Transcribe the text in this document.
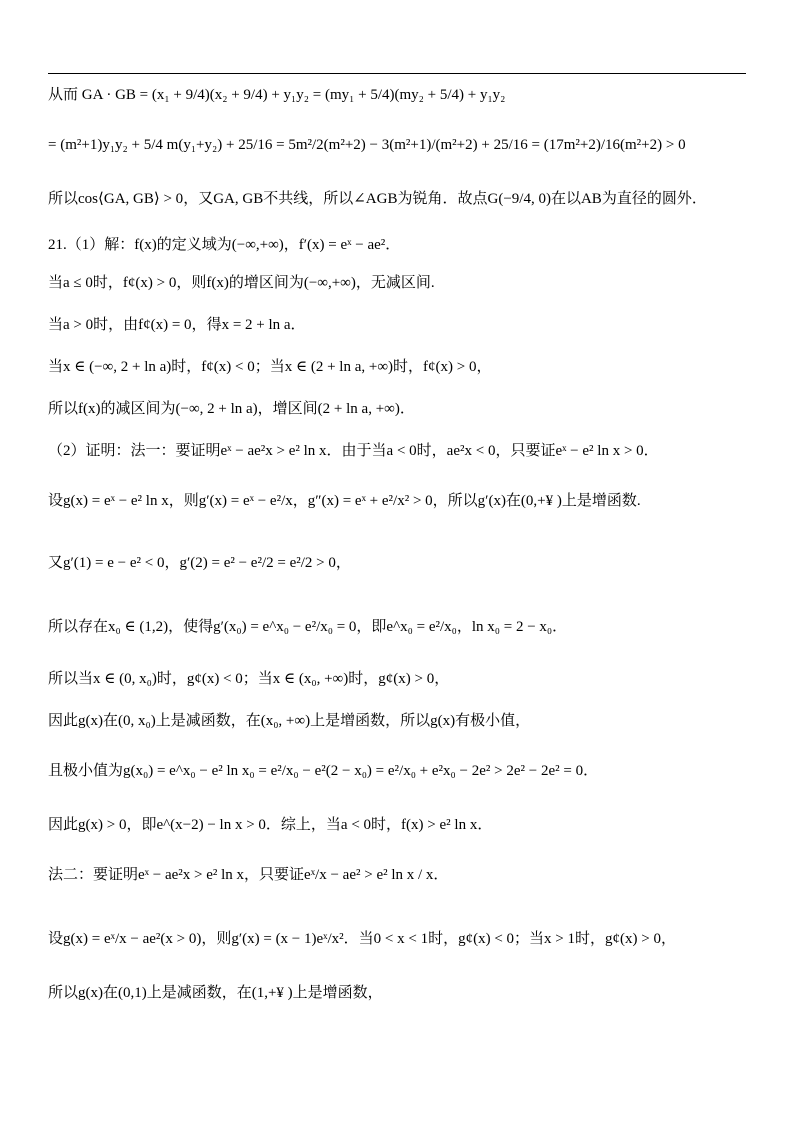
从而 GA · GB = (x₁ + 9/4)(x₂ + 9/4) + y₁y₂ = (my₁ + 5/4)(my₂ + 5/4) + y₁y₂
= (m²+1)y₁y₂ + 5/4 m(y₁+y₂) + 25/16 = 5m²/2(m²+2) − 3(m²+1)/(m²+2) + 25/16 = (17m²+2)/16(m²+2) > 0
所以cos⟨GA, GB⟩ > 0，又GA, GB不共线，所以∠AGB为锐角．故点G(−9/4, 0)在以AB为直径的圆外．
21.（1）解：f(x)的定义域为(−∞,+∞)，f′(x) = eˣ − ae²．
当a ≤ 0时，f¢(x) > 0，则f(x)的增区间为(−∞,+∞)，无减区间.
当a > 0时，由f¢(x) = 0，得x = 2 + ln a．
当x ∈ (−∞, 2 + ln a)时，f¢(x) < 0；当x ∈ (2 + ln a, +∞)时，f¢(x) > 0，
所以f(x)的减区间为(−∞, 2 + ln a)，增区间(2 + ln a, +∞)．
（2）证明：法一：要证明eˣ − ae²x > e² ln x．由于当a < 0时，ae²x < 0，只要证eˣ − e² ln x > 0．
设g(x) = eˣ − e² ln x，则g′(x) = eˣ − e²/x，g″(x) = eˣ + e²/x² > 0，所以g′(x)在(0,+¥ )上是增函数.
又g′(1) = e − e² < 0，g′(2) = e² − e²/2 = e²/2 > 0，
所以存在x₀ ∈ (1,2)，使得g′(x₀) = e^x₀ − e²/x₀ = 0，即e^x₀ = e²/x₀，ln x₀ = 2 − x₀．
所以当x ∈ (0, x₀)时，g¢(x) < 0；当x ∈ (x₀, +∞)时，g¢(x) > 0，
因此g(x)在(0, x₀)上是减函数，在(x₀, +∞)上是增函数，所以g(x)有极小值，
且极小值为g(x₀) = e^x₀ − e² ln x₀ = e²/x₀ − e²(2 − x₀) = e²/x₀ + e²x₀ − 2e² > 2e² − 2e² = 0．
因此g(x) > 0，即e^(x−2) − ln x > 0．综上，当a < 0时，f(x) > e² ln x．
法二：要证明eˣ − ae²x > e² ln x，只要证eˣ/x − ae² > e² ln x / x．
设g(x) = eˣ/x − ae²(x > 0)，则g′(x) = (x − 1)eˣ/x²．当0 < x < 1时，g¢(x) < 0；当x > 1时，g¢(x) > 0，
所以g(x)在(0,1)上是减函数，在(1,+¥ )上是增函数，
